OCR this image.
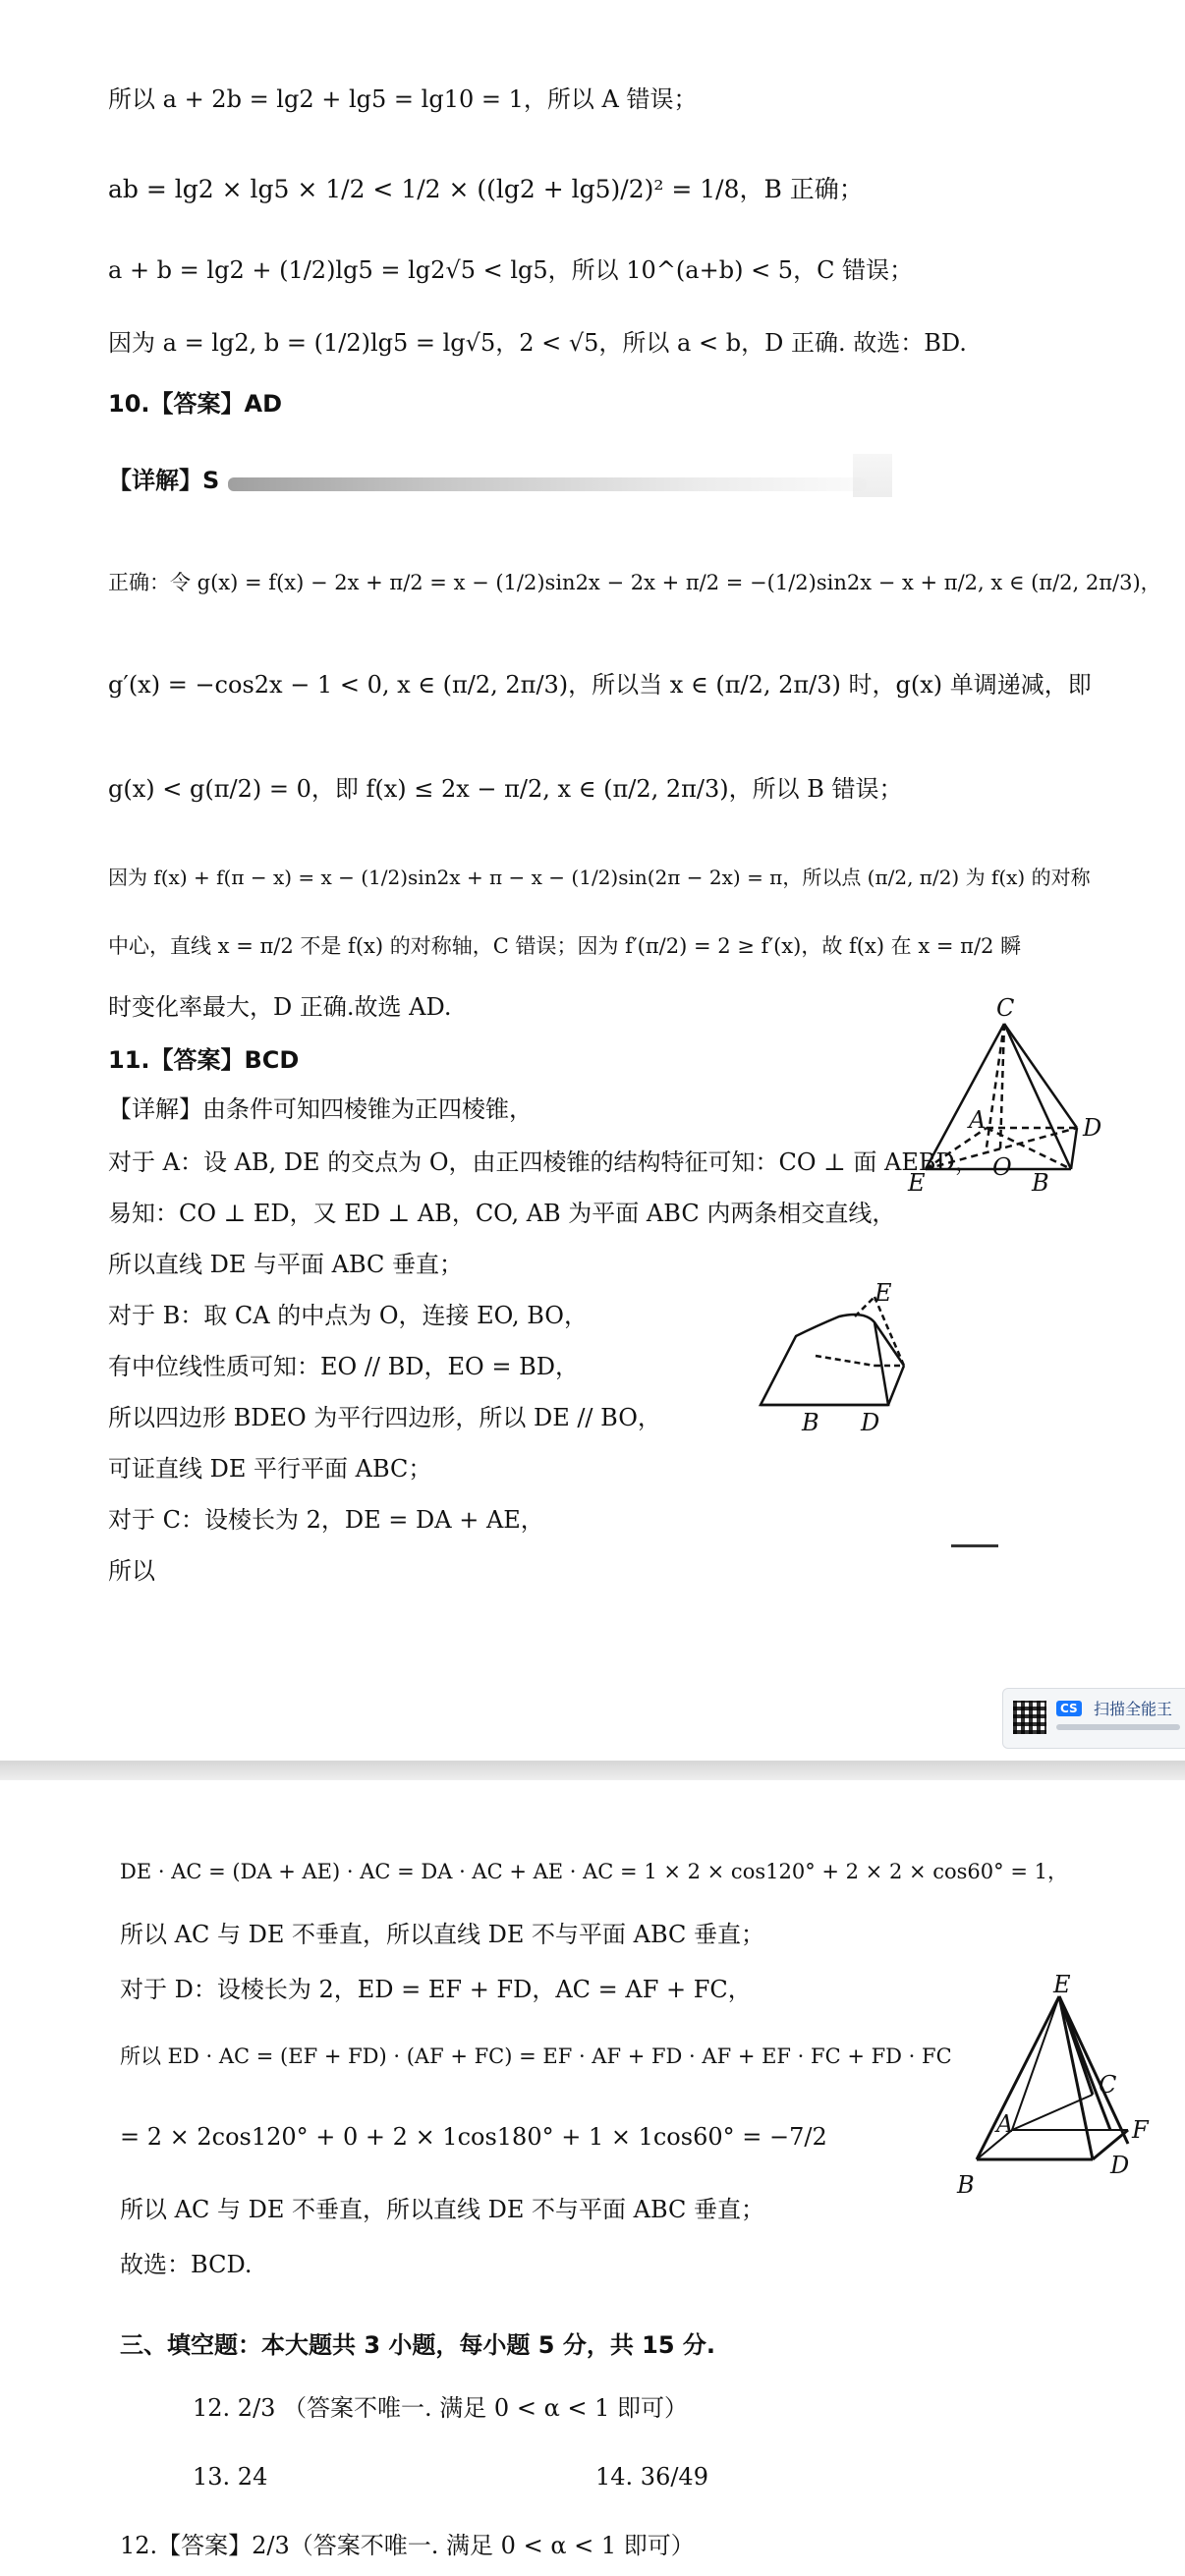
所以 a + 2b = lg2 + lg5 = lg10 = 1，所以 A 错误；
ab = lg2 × lg5 × 1/2 < 1/2 × ((lg2 + lg5)/2)² = 1/8，B 正确；
a + b = lg2 + (1/2)lg5 = lg2√5 < lg5，所以 10^(a+b) < 5，C 错误；
因为 a = lg2, b = (1/2)lg5 = lg√5，2 < √5，所以 a < b，D 正确. 故选：BD.
10.【答案】AD
【详解】S
正确：令 g(x) = f(x) − 2x + π/2 = x − (1/2)sin2x − 2x + π/2 = −(1/2)sin2x − x + π/2, x ∈ (π/2, 2π/3)，
g′(x) = −cos2x − 1 < 0, x ∈ (π/2, 2π/3)，所以当 x ∈ (π/2, 2π/3) 时，g(x) 单调递减，即
g(x) < g(π/2) = 0，即 f(x) ≤ 2x − π/2, x ∈ (π/2, 2π/3)，所以 B 错误；
因为 f(x) + f(π − x) = x − (1/2)sin2x + π − x − (1/2)sin(2π − 2x) = π，所以点 (π/2, π/2) 为 f(x) 的对称
中心，直线 x = π/2 不是 f(x) 的对称轴，C 错误；因为 f′(π/2) = 2 ≥ f′(x)，故 f(x) 在 x = π/2 瞬
时变化率最大，D 正确.故选 AD.
11.【答案】BCD
【详解】由条件可知四棱锥为正四棱锥，
对于 A：设 AB, DE 的交点为 O，由正四棱锥的结构特征可知：CO ⊥ 面 AEBD，
易知：CO ⊥ ED，又 ED ⊥ AB，CO, AB 为平面 ABC 内两条相交直线，
所以直线 DE 与平面 ABC 垂直；
对于 B：取 CA 的中点为 O，连接 EO, BO，
有中位线性质可知：EO // BD，EO = BD，
所以四边形 BDEO 为平行四边形，所以 DE // BO，
可证直线 DE 平行平面 ABC；
对于 C：设棱长为 2，DE = DA + AE，
所以
C
A	D
E
O
B
E
B D
CS 扫描全能王
DE · AC = (DA + AE) · AC = DA · AC + AE · AC = 1 × 2 × cos120° + 2 × 2 × cos60° = 1，
所以 AC 与 DE 不垂直，所以直线 DE 不与平面 ABC 垂直；
对于 D：设棱长为 2，ED = EF + FD，AC = AF + FC，
所以 ED · AC = (EF + FD) · (AF + FC) = EF · AF + FD · AF + EF · FC + FD · FC
= 2 × 2cos120° + 0 + 2 × 1cos180° + 1 × 1cos60° = −7/2
所以 AC 与 DE 不垂直，所以直线 DE 不与平面 ABC 垂直；
故选：BCD.
三、填空题：本大题共 3 小题，每小题 5 分，共 15 分.
12. 2/3 （答案不唯一. 满足 0 < α < 1 即可）
13. 24	14. 36/49
12.【答案】2/3（答案不唯一. 满足 0 < α < 1 即可）
E
C
A	F
D
B
